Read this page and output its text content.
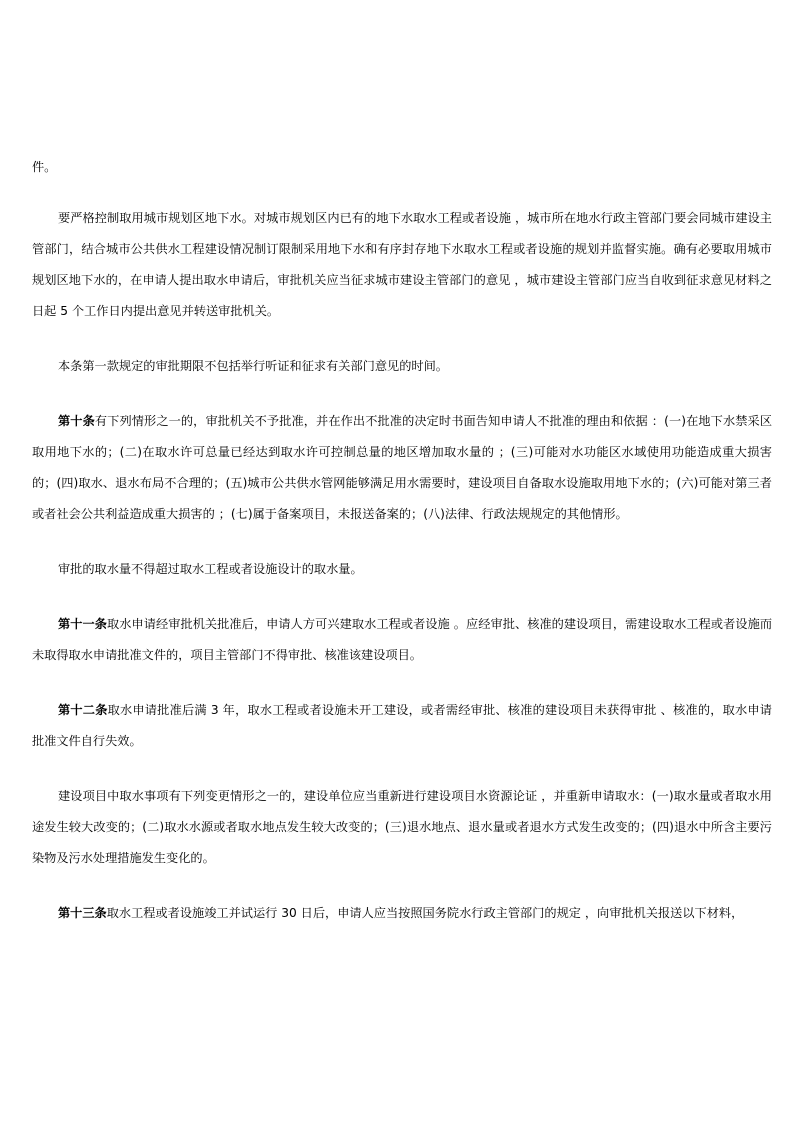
件。

要严格控制取用城市规划区地下水。对城市规划区内已有的地下水取水工程或者设施 ，城市所在地水行政主管部门要会同城市建设主管部门，结合城市公共供水工程建设情况制订限制采用地下水和有序封存地下水取水工程或者设施的规划并监督实施。确有必要取用城市规划区地下水的，在申请人提出取水申请后，审批机关应当征求城市建设主管部门的意见 ，城市建设主管部门应当自收到征求意见材料之日起 5 个工作日内提出意见并转送审批机关。

本条第一款规定的审批期限不包括举行听证和征求有关部门意见的时间。

第十条有下列情形之一的，审批机关不予批准，并在作出不批准的决定时书面告知申请人不批准的理由和依据 ：(一)在地下水禁采区取用地下水的；(二)在取水许可总量已经达到取水许可控制总量的地区增加取水量的 ；(三)可能对水功能区水域使用功能造成重大损害的；(四)取水、退水布局不合理的；(五)城市公共供水管网能够满足用水需要时，建设项目自备取水设施取用地下水的；(六)可能对第三者或者社会公共利益造成重大损害的 ；(七)属于备案项目，未报送备案的；(八)法律、行政法规规定的其他情形。

审批的取水量不得超过取水工程或者设施设计的取水量。

第十一条取水申请经审批机关批准后，申请人方可兴建取水工程或者设施 。应经审批、核准的建设项目，需建设取水工程或者设施而未取得取水申请批准文件的，项目主管部门不得审批、核准该建设项目。

第十二条取水申请批准后满 3 年，取水工程或者设施未开工建设，或者需经审批、核准的建设项目未获得审批 、核准的，取水申请批准文件自行失效。

建设项目中取水事项有下列变更情形之一的，建设单位应当重新进行建设项目水资源论证 ，并重新申请取水：(一)取水量或者取水用途发生较大改变的；(二)取水水源或者取水地点发生较大改变的；(三)退水地点、退水量或者退水方式发生改变的；(四)退水中所含主要污染物及污水处理措施发生变化的。

第十三条取水工程或者设施竣工并试运行 30 日后，申请人应当按照国务院水行政主管部门的规定 ，向审批机关报送以下材料，
